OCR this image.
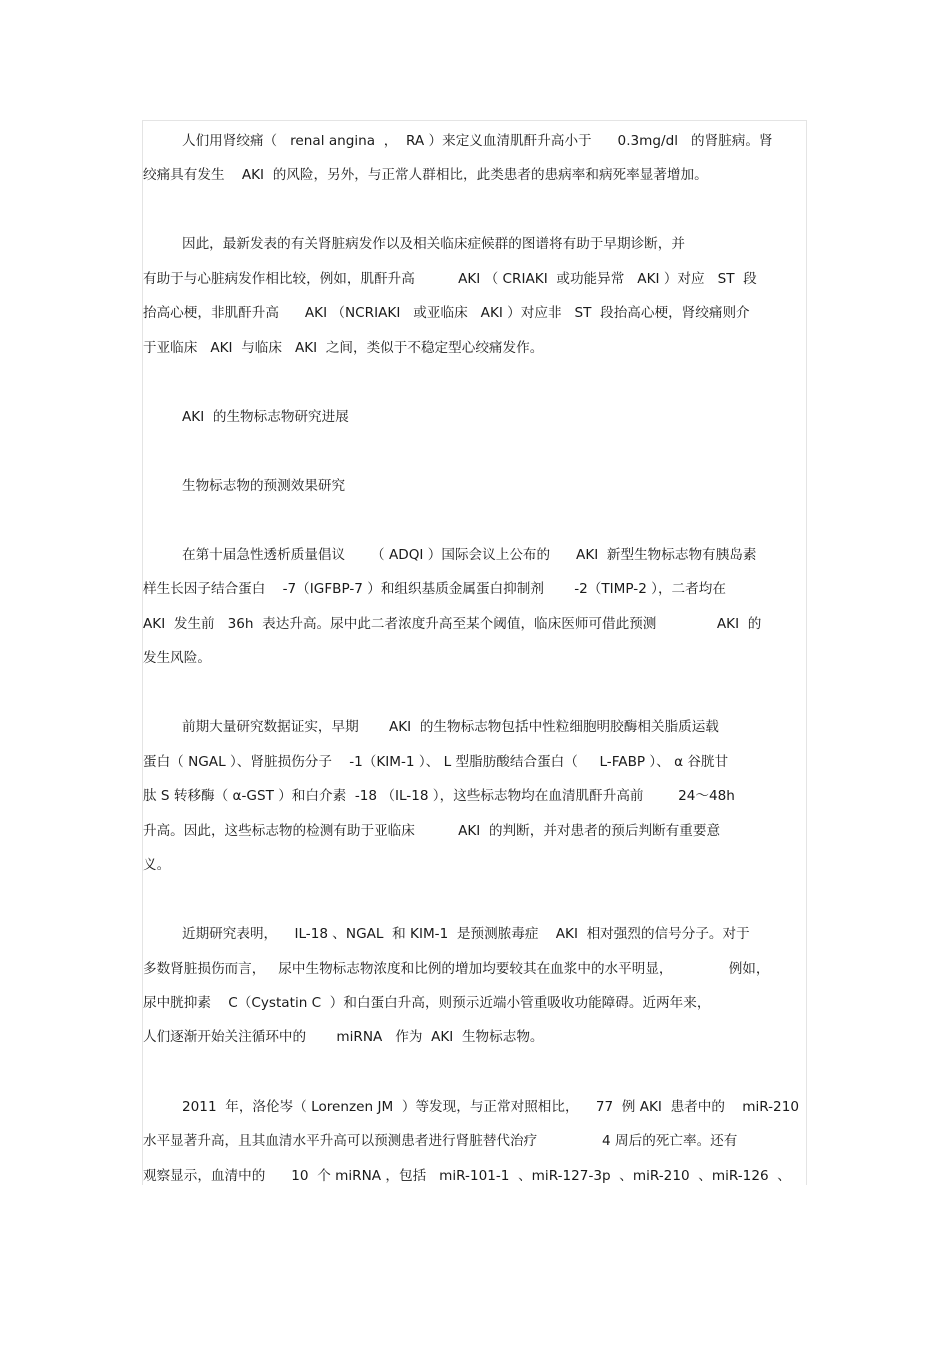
人们用肾绞痛（   renal angina  ，  RA ）来定义血清肌酐升高小于      0.3mg/dl   的肾脏病。肾
绞痛具有发生    AKI  的风险，另外，与正常人群相比，此类患者的患病率和病死率显著增加。
因此，最新发表的有关肾脏病发作以及相关临床症候群的图谱将有助于早期诊断，并
有助于与心脏病发作相比较，例如，肌酐升高          AKI （ CRIAKI  或功能异常   AKI ）对应   ST  段
抬高心梗，非肌酐升高      AKI （NCRIAKI   或亚临床   AKI ）对应非   ST  段抬高心梗，肾绞痛则介
于亚临床   AKI  与临床   AKI  之间，类似于不稳定型心绞痛发作。
AKI  的生物标志物研究进展
生物标志物的预测效果研究
在第十届急性透析质量倡议      （ ADQI ）国际会议上公布的      AKI  新型生物标志物有胰岛素
样生长因子结合蛋白    -7（IGFBP-7 ）和组织基质金属蛋白抑制剂       -2（TIMP-2 ），二者均在
AKI  发生前   36h  表达升高。尿中此二者浓度升高至某个阈值，临床医师可借此预测              AKI  的
发生风险。
前期大量研究数据证实，早期       AKI  的生物标志物包括中性粒细胞明胶酶相关脂质运载
蛋白（ NGAL ）、肾脏损伤分子    -1（KIM-1 ）、 L 型脂肪酸结合蛋白（     L-FABP ）、 α 谷胱甘
肽 S 转移酶（ α-GST ）和白介素  -18 （IL-18 ），这些标志物均在血清肌酐升高前        24～48h
升高。因此，这些标志物的检测有助于亚临床          AKI  的判断，并对患者的预后判断有重要意
义。
近期研究表明，    IL-18 、NGAL  和 KIM-1  是预测脓毒症    AKI  相对强烈的信号分子。对于
多数肾脏损伤而言，   尿中生物标志物浓度和比例的增加均要较其在血浆中的水平明显，             例如，
尿中胱抑素    C（Cystatin C  ）和白蛋白升高，则预示近端小管重吸收功能障碍。近两年来，
人们逐渐开始关注循环中的       miRNA   作为  AKI  生物标志物。
2011  年，洛伦岑（ Lorenzen JM  ）等发现，与正常对照相比，    77  例 AKI  患者中的    miR-210
水平显著升高，且其血清水平升高可以预测患者进行肾脏替代治疗               4 周后的死亡率。还有
观察显示，血清中的      10  个 miRNA ，包括   miR-101-1  、miR-127-3p  、miR-210  、miR-126  、
